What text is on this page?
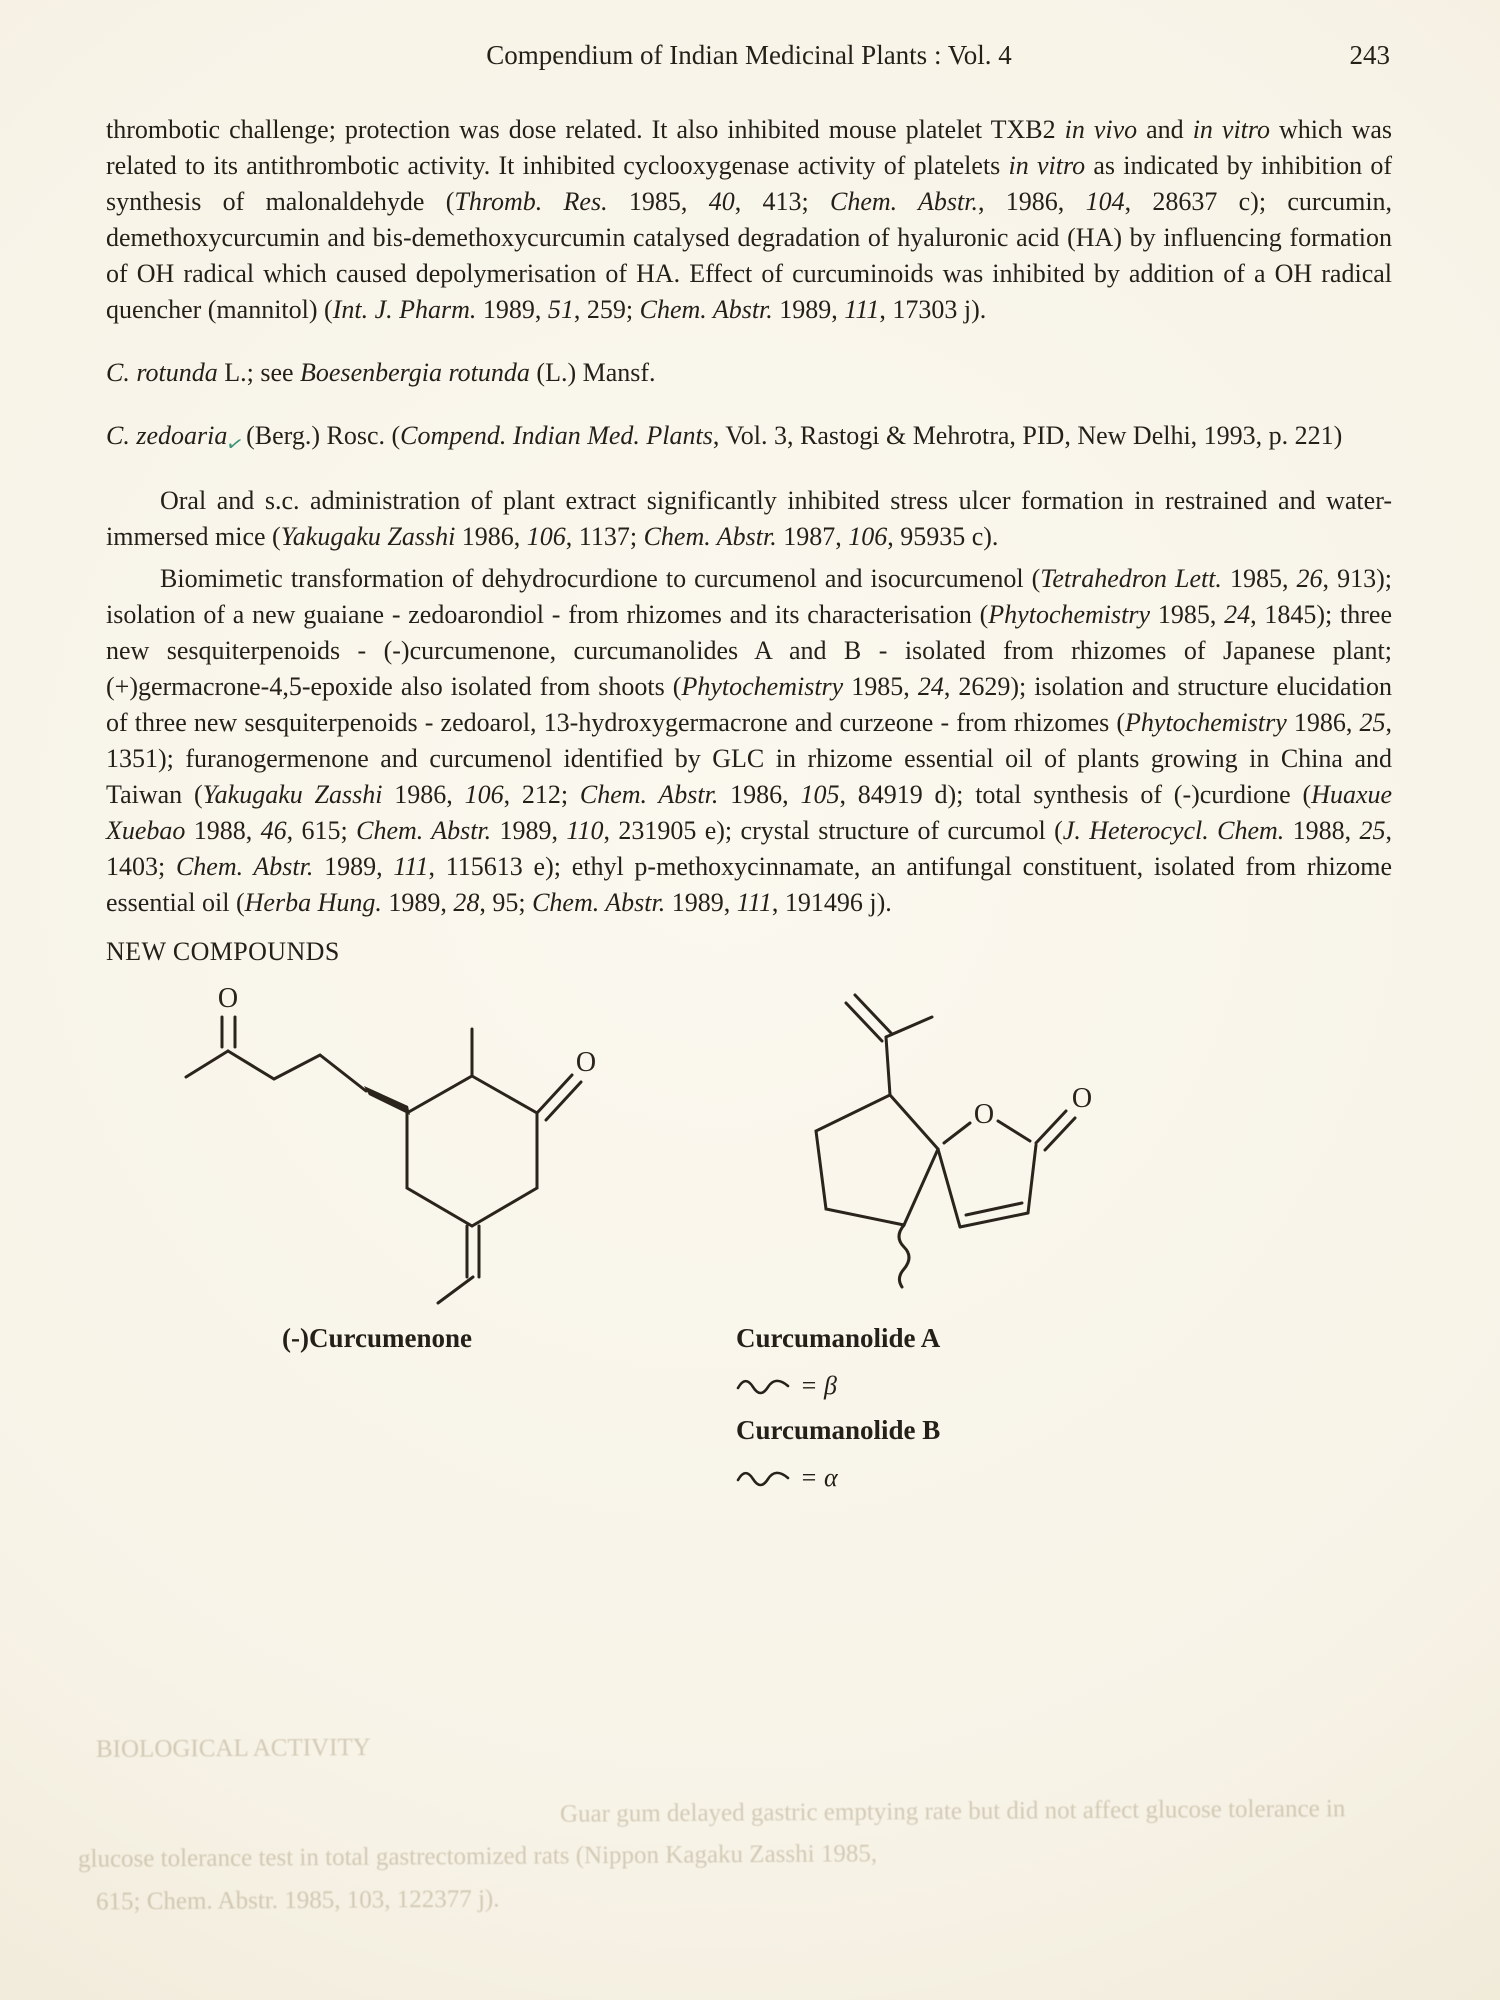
Compendium of Indian Medicinal Plants : Vol. 4	243

thrombotic challenge; protection was dose related. It also inhibited mouse platelet TXB2 in vivo and in vitro which was related to its antithrombotic activity. It inhibited cyclooxygenase activity of platelets in vitro as indicated by inhibition of synthesis of malonaldehyde (Thromb. Res. 1985, 40, 413; Chem. Abstr., 1986, 104, 28637 c); curcumin, demethoxycurcumin and bis-demethoxycurcumin catalysed degradation of hyaluronic acid (HA) by influencing formation of OH radical which caused depolymerisation of HA. Effect of curcuminoids was inhibited by addition of a OH radical quencher (mannitol) (Int. J. Pharm. 1989, 51, 259; Chem. Abstr. 1989, 111, 17303 j).

C. rotunda L.; see Boesenbergia rotunda (L.) Mansf.

C. zedoaria✓(Berg.) Rosc. (Compend. Indian Med. Plants, Vol. 3, Rastogi & Mehrotra, PID, New Delhi, 1993, p. 221)

Oral and s.c. administration of plant extract significantly inhibited stress ulcer formation in restrained and water-immersed mice (Yakugaku Zasshi 1986, 106, 1137; Chem. Abstr. 1987, 106, 95935 c).

Biomimetic transformation of dehydrocurdione to curcumenol and isocurcumenol (Tetrahedron Lett. 1985, 26, 913); isolation of a new guaiane - zedoarondiol - from rhizomes and its characterisation (Phytochemistry 1985, 24, 1845); three new sesquiterpenoids - (-)curcumenone, curcumanolides A and B - isolated from rhizomes of Japanese plant; (+)germacrone-4,5-epoxide also isolated from shoots (Phytochemistry 1985, 24, 2629); isolation and structure elucidation of three new sesquiterpenoids - zedoarol, 13-hydroxygermacrone and curzeone - from rhizomes (Phytochemistry 1986, 25, 1351); furanogermenone and curcumenol identified by GLC in rhizome essential oil of plants growing in China and Taiwan (Yakugaku Zasshi 1986, 106, 212; Chem. Abstr. 1986, 105, 84919 d); total synthesis of (-)curdione (Huaxue Xuebao 1988, 46, 615; Chem. Abstr. 1989, 110, 231905 e); crystal structure of curcumol (J. Heterocycl. Chem. 1988, 25, 1403; Chem. Abstr. 1989, 111, 115613 e); ethyl p-methoxycinnamate, an antifungal constituent, isolated from rhizome essential oil (Herba Hung. 1989, 28, 95; Chem. Abstr. 1989, 111, 191496 j).

NEW COMPOUNDS
O
O
O
O
(-)Curcumenone	Curcumanolide A
= β
Curcumanolide B
= α
BIOLOGICAL ACTIVITY
Guar gum delayed gastric emptying rate but did not affect glucose tolerance in
glucose tolerance test in total gastrectomized rats (Nippon Kagaku Zasshi 1985,
615; Chem. Abstr. 1985, 103, 122377 j).
